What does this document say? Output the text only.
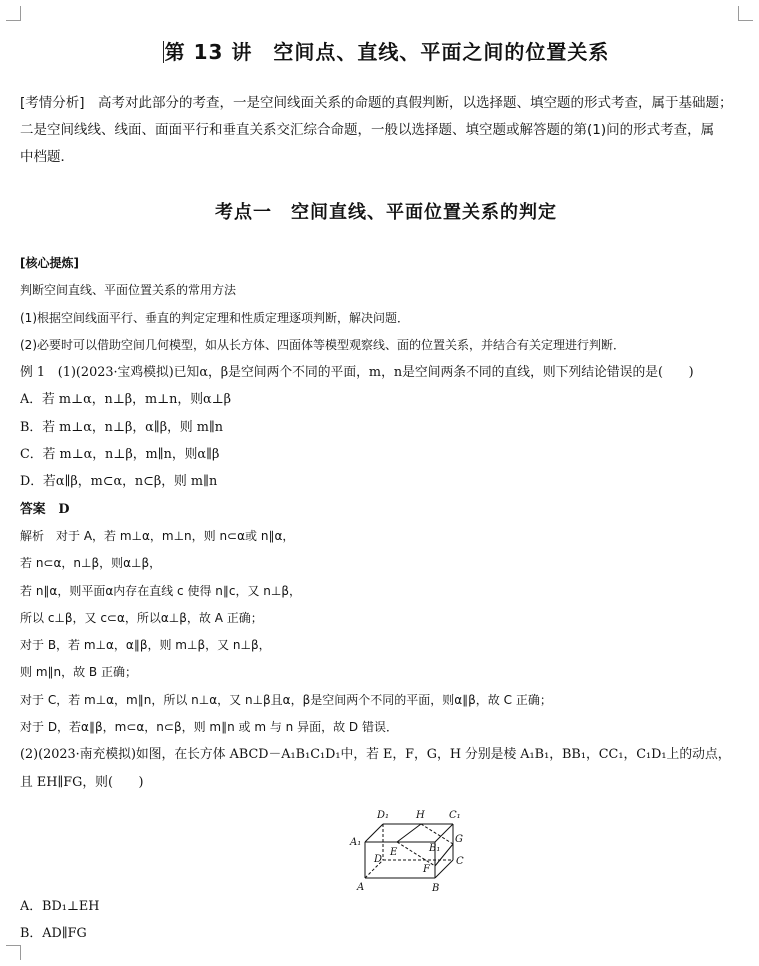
第 13 讲　空间点、直线、平面之间的位置关系
[考情分析]　高考对此部分的考查，一是空间线面关系的命题的真假判断，以选择题、填空题的形式考查，属于基础题；
二是空间线线、线面、面面平行和垂直关系交汇综合命题，一般以选择题、填空题或解答题的第(1)问的形式考查，属
中档题．
考点一　空间直线、平面位置关系的判定
[核心提炼]
判断空间直线、平面位置关系的常用方法
(1)根据空间线面平行、垂直的判定定理和性质定理逐项判断，解决问题．
(2)必要时可以借助空间几何模型，如从长方体、四面体等模型观察线、面的位置关系，并结合有关定理进行判断．
例 1　(1)(2023·宝鸡模拟)已知α，β是空间两个不同的平面，m，n是空间两条不同的直线，则下列结论错误的是(　　)
A．若 m⊥α，n⊥β，m⊥n，则α⊥β
B．若 m⊥α，n⊥β，α∥β，则 m∥n
C．若 m⊥α，n⊥β，m∥n，则α∥β
D．若α∥β，m⊂α，n⊂β，则 m∥n
答案　D
解析　对于 A，若 m⊥α，m⊥n，则 n⊂α或 n∥α，
若 n⊂α，n⊥β，则α⊥β，
若 n∥α，则平面α内存在直线 c 使得 n∥c，又 n⊥β，
所以 c⊥β，又 c⊂α，所以α⊥β，故 A 正确；
对于 B，若 m⊥α，α∥β，则 m⊥β，又 n⊥β，
则 m∥n，故 B 正确；
对于 C，若 m⊥α，m∥n，所以 n⊥α，又 n⊥β且α，β是空间两个不同的平面，则α∥β，故 C 正确；
对于 D，若α∥β，m⊂α，n⊂β，则 m∥n 或 m 与 n 异面，故 D 错误．
(2)(2023·南充模拟)如图，在长方体 ABCD－A₁B₁C₁D₁中，若 E，F，G，H 分别是棱 A₁B₁，BB₁，CC₁，C₁D₁上的动点，
且 EH∥FG，则(　　)
D₁	H C₁
G
A₁
E	B₁
D	C
F
A	B
A．BD₁⊥EH
B．AD∥FG
